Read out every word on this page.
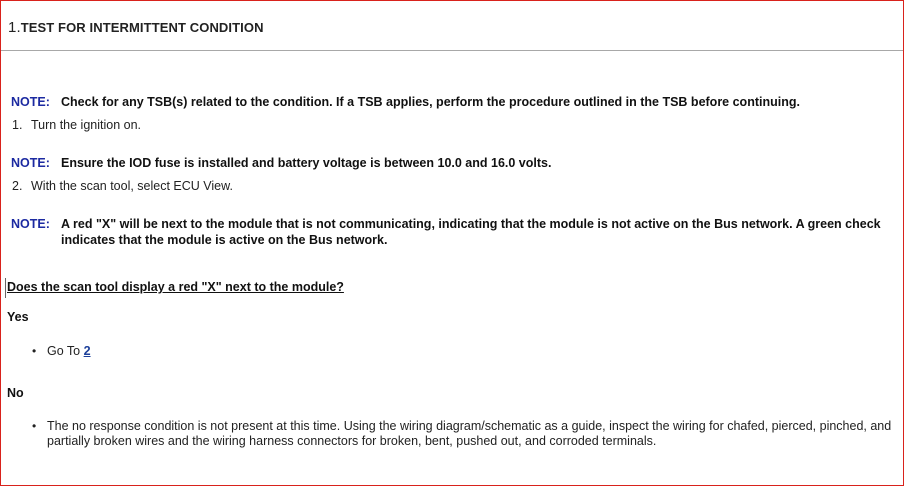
1.TEST FOR INTERMITTENT CONDITION
NOTE: Check for any TSB(s) related to the condition. If a TSB applies, perform the procedure outlined in the TSB before continuing.
1. Turn the ignition on.
NOTE: Ensure the IOD fuse is installed and battery voltage is between 10.0 and 16.0 volts.
2. With the scan tool, select ECU View.
NOTE: A red "X" will be next to the module that is not communicating, indicating that the module is not active on the Bus network. A green check indicates that the module is active on the Bus network.
Does the scan tool display a red "X" next to the module?
Yes
• Go To 2
No
• The no response condition is not present at this time. Using the wiring diagram/schematic as a guide, inspect the wiring for chafed, pierced, pinched, and partially broken wires and the wiring harness connectors for broken, bent, pushed out, and corroded terminals.
